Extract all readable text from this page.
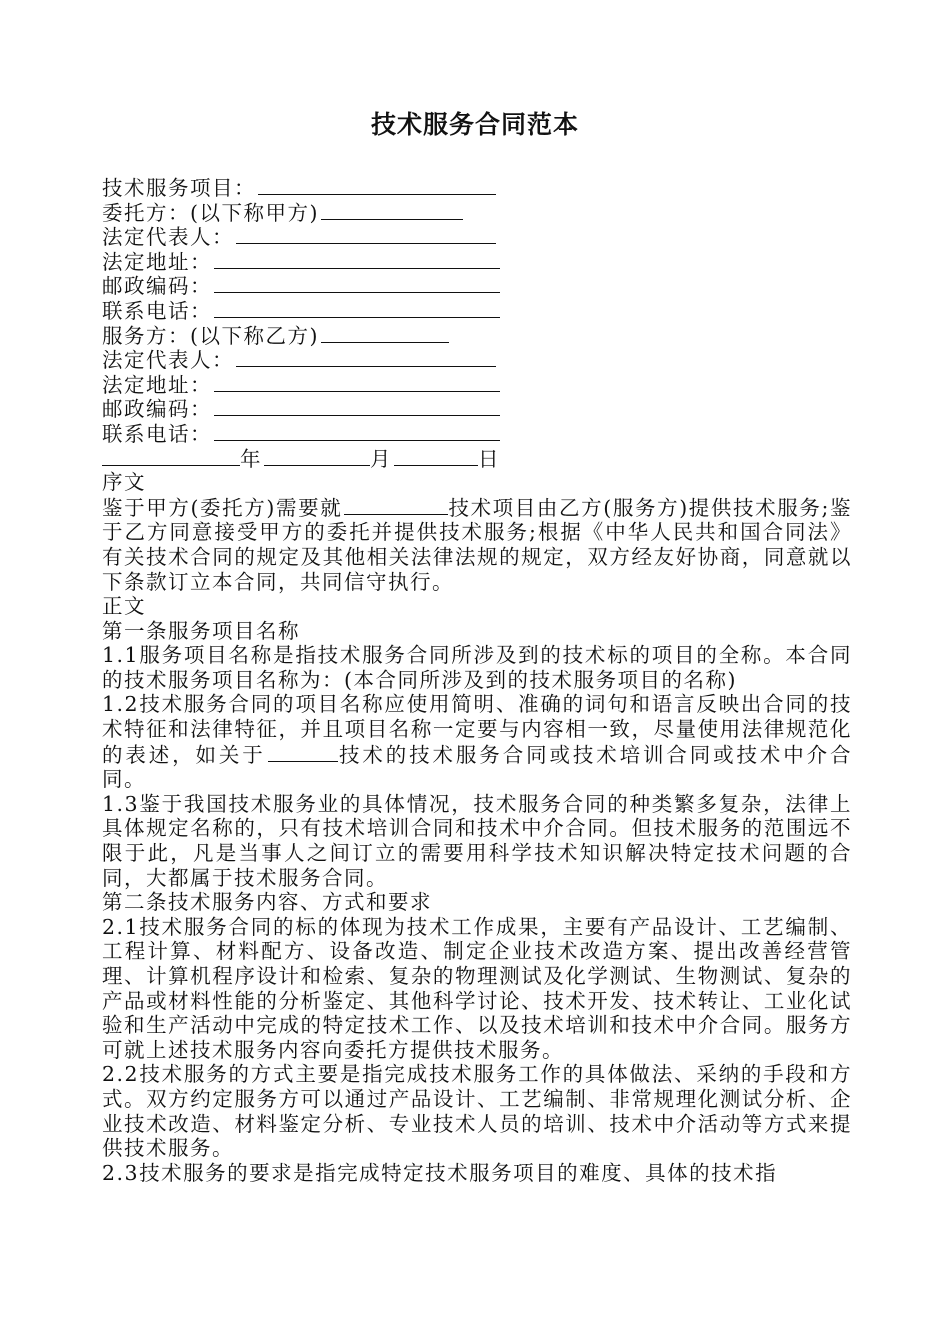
技术服务合同范本
技术服务项目：
委托方：(以下称甲方)
法定代表人：
法定地址：
邮政编码：
联系电话：
服务方：(以下称乙方)
法定代表人：
法定地址：
邮政编码：
联系电话：
年	月	日
序文
鉴于甲方(委托方)需要就	技术项目由乙方(服务方)提供技术服务;鉴于乙方同意接受甲方的委托并提供技术服务;根据《中华人民共和国合同法》有关技术合同的规定及其他相关法律法规的规定，双方经友好协商，同意就以下条款订立本合同，共同信守执行。
正文
第一条服务项目名称
1.1服务项目名称是指技术服务合同所涉及到的技术标的项目的全称。本合同的技术服务项目名称为：(本合同所涉及到的技术服务项目的名称)
1.2技术服务合同的项目名称应使用简明、准确的词句和语言反映出合同的技术特征和法律特征，并且项目名称一定要与内容相一致，尽量使用法律规范化的表述，如关于	技术的技术服务合同或技术培训合同或技术中介合同。
1.3鉴于我国技术服务业的具体情况，技术服务合同的种类繁多复杂，法律上具体规定名称的，只有技术培训合同和技术中介合同。但技术服务的范围远不限于此，凡是当事人之间订立的需要用科学技术知识解决特定技术问题的合同，大都属于技术服务合同。
第二条技术服务内容、方式和要求
2.1技术服务合同的标的体现为技术工作成果，主要有产品设计、工艺编制、工程计算、材料配方、设备改造、制定企业技术改造方案、提出改善经营管理、计算机程序设计和检索、复杂的物理测试及化学测试、生物测试、复杂的产品或材料性能的分析鉴定、其他科学讨论、技术开发、技术转让、工业化试验和生产活动中完成的特定技术工作、以及技术培训和技术中介合同。服务方可就上述技术服务内容向委托方提供技术服务。
2.2技术服务的方式主要是指完成技术服务工作的具体做法、采纳的手段和方式。双方约定服务方可以通过产品设计、工艺编制、非常规理化测试分析、企业技术改造、材料鉴定分析、专业技术人员的培训、技术中介活动等方式来提供技术服务。
2.3技术服务的要求是指完成特定技术服务项目的难度、具体的技术指
